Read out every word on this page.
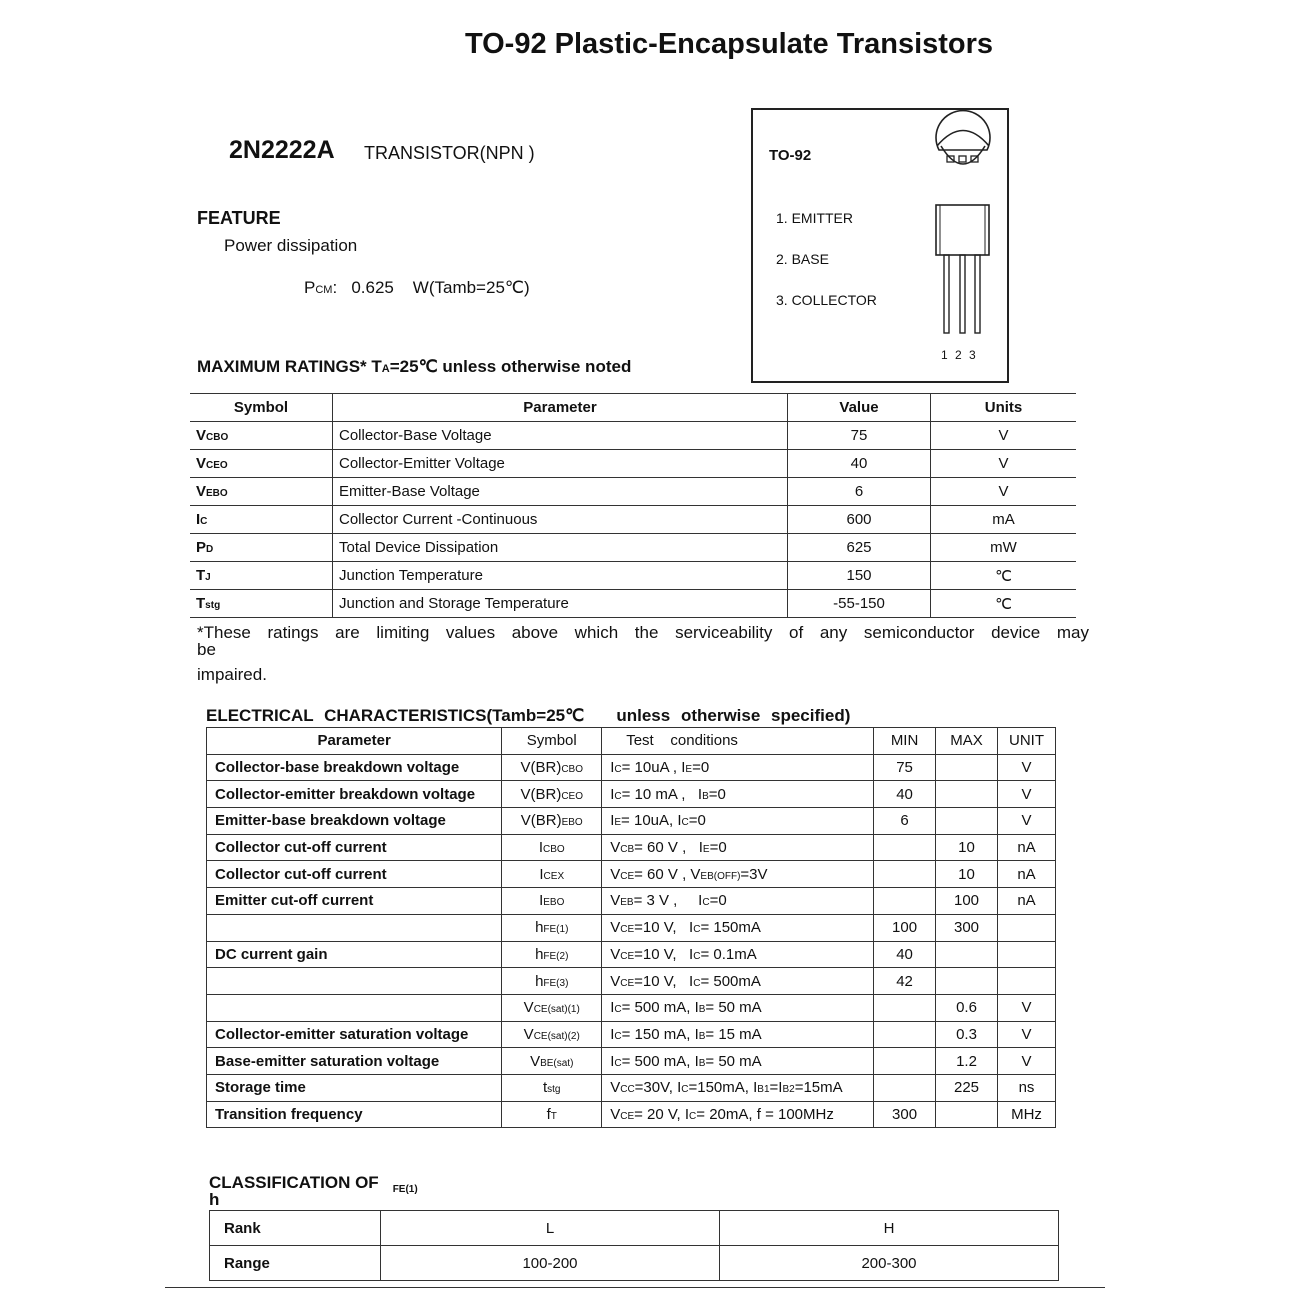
TO-92 Plastic-Encapsulate Transistors
2N2222A TRANSISTOR(NPN )
FEATURE
Power dissipation
PCM:   0.625    W(Tamb=25℃)
TO-92
1. EMITTER
2. BASE
3. COLLECTOR
1 2 3
MAXIMUM RATINGS* TA=25℃ unless otherwise noted
Symbol	Parameter	Value	Units
VCBO	Collector-Base Voltage	75	V
VCEO	Collector-Emitter Voltage	40	V
VEBO	Emitter-Base Voltage	6	V
IC	Collector Current -Continuous	600	mA
PD	Total Device Dissipation	625	mW
TJ	Junction Temperature	150	℃
Tstg	Junction and Storage Temperature	-55-150	℃
*These ratings are limiting values above which the serviceability of any semiconductor device may
be
impaired.
ELECTRICAL CHARACTERISTICS(Tamb=25℃   unless otherwise specified)
Parameter	Symbol	Test    conditions	MIN	MAX	UNIT
Collector-base breakdown voltage	V(BR)CBO	IC= 10uA , IE=0	75		V
Collector-emitter breakdown voltage	V(BR)CEO	IC= 10 mA ,   IB=0	40		V
Emitter-base breakdown voltage	V(BR)EBO	IE= 10uA, IC=0	6		V
Collector cut-off current	ICBO	VCB= 60 V ,   IE=0		10	nA
Collector cut-off current	ICEX	VCE= 60 V , VEB(OFF)=3V		10	nA
Emitter cut-off current	IEBO	VEB= 3 V ,     IC=0		100	nA
	hFE(1)	VCE=10 V,   IC= 150mA	100	300	
DC current gain	hFE(2)	VCE=10 V,   IC= 0.1mA	40		
	hFE(3)	VCE=10 V,   IC= 500mA	42		
	VCE(sat)(1)	IC= 500 mA, IB= 50 mA		0.6	V
Collector-emitter saturation voltage	VCE(sat)(2)	IC= 150 mA, IB= 15 mA		0.3	V
Base-emitter saturation voltage	VBE(sat)	IC= 500 mA, IB= 50 mA		1.2	V
Storage time	tstg	VCC=30V, IC=150mA, IB1=IB2=15mA		225	ns
Transition frequency	fT	VCE= 20 V, IC= 20mA, f = 100MHz	300		MHz
CLASSIFICATION OF $_{FE(1)}$
h
Rank	L	H
Range	100-200	200-300
